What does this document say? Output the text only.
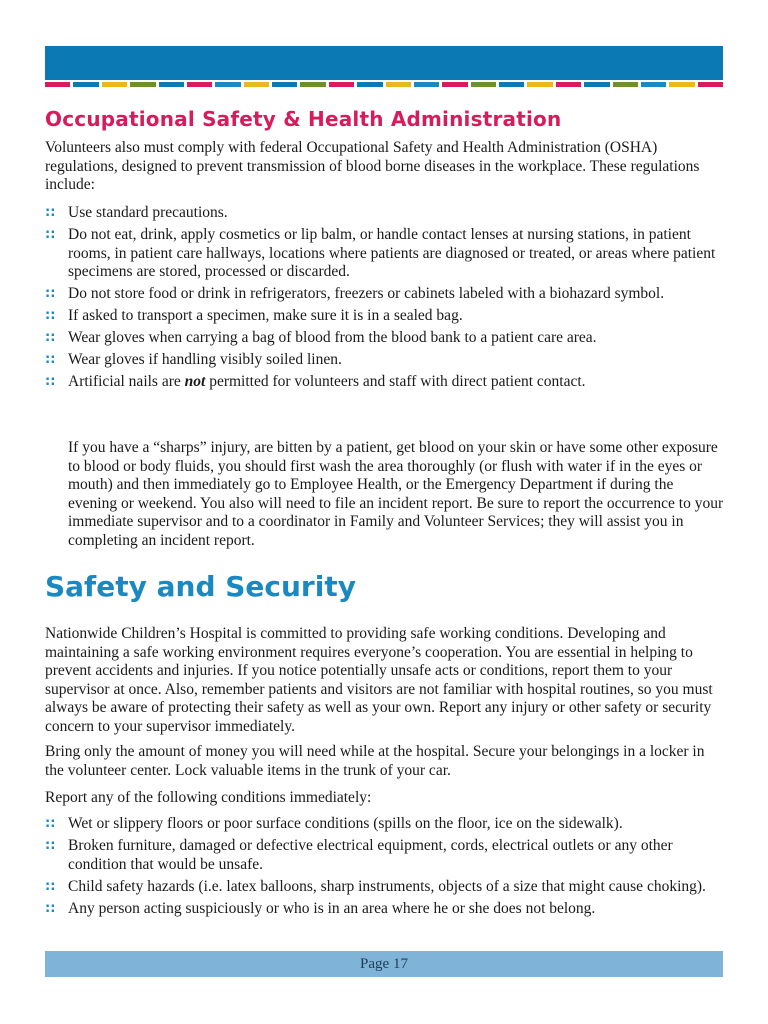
Occupational Safety & Health Administration

Volunteers also must comply with federal Occupational Safety and Health Administration (OSHA) regulations, designed to prevent transmission of blood borne diseases in the workplace. These regulations include:

:: Use standard precautions.
:: Do not eat, drink, apply cosmetics or lip balm, or handle contact lenses at nursing stations, in patient rooms, in patient care hallways, locations where patients are diagnosed or treated, or areas where patient specimens are stored, processed or discarded.
:: Do not store food or drink in refrigerators, freezers or cabinets labeled with a biohazard symbol.
:: If asked to transport a specimen, make sure it is in a sealed bag.
:: Wear gloves when carrying a bag of blood from the blood bank to a patient care area.
:: Wear gloves if handling visibly soiled linen.
:: Artificial nails are not permitted for volunteers and staff with direct patient contact.

If you have a “sharps” injury, are bitten by a patient, get blood on your skin or have some other exposure to blood or body fluids, you should first wash the area thoroughly (or flush with water if in the eyes or mouth) and then immediately go to Employee Health, or the Emergency Department if during the evening or weekend. You also will need to file an incident report. Be sure to report the occurrence to your immediate supervisor and to a coordinator in Family and Volunteer Services; they will assist you in completing an incident report.

Safety and Security

Nationwide Children’s Hospital is committed to providing safe working conditions. Developing and maintaining a safe working environment requires everyone’s cooperation. You are essential in helping to prevent accidents and injuries. If you notice potentially unsafe acts or conditions, report them to your supervisor at once. Also, remember patients and visitors are not familiar with hospital routines, so you must always be aware of protecting their safety as well as your own. Report any injury or other safety or security concern to your supervisor immediately.

Bring only the amount of money you will need while at the hospital. Secure your belongings in a locker in the volunteer center. Lock valuable items in the trunk of your car.

Report any of the following conditions immediately:

:: Wet or slippery floors or poor surface conditions (spills on the floor, ice on the sidewalk).
:: Broken furniture, damaged or defective electrical equipment, cords, electrical outlets or any other condition that would be unsafe.
:: Child safety hazards (i.e. latex balloons, sharp instruments, objects of a size that might cause choking).
:: Any person acting suspiciously or who is in an area where he or she does not belong.
Page 17
